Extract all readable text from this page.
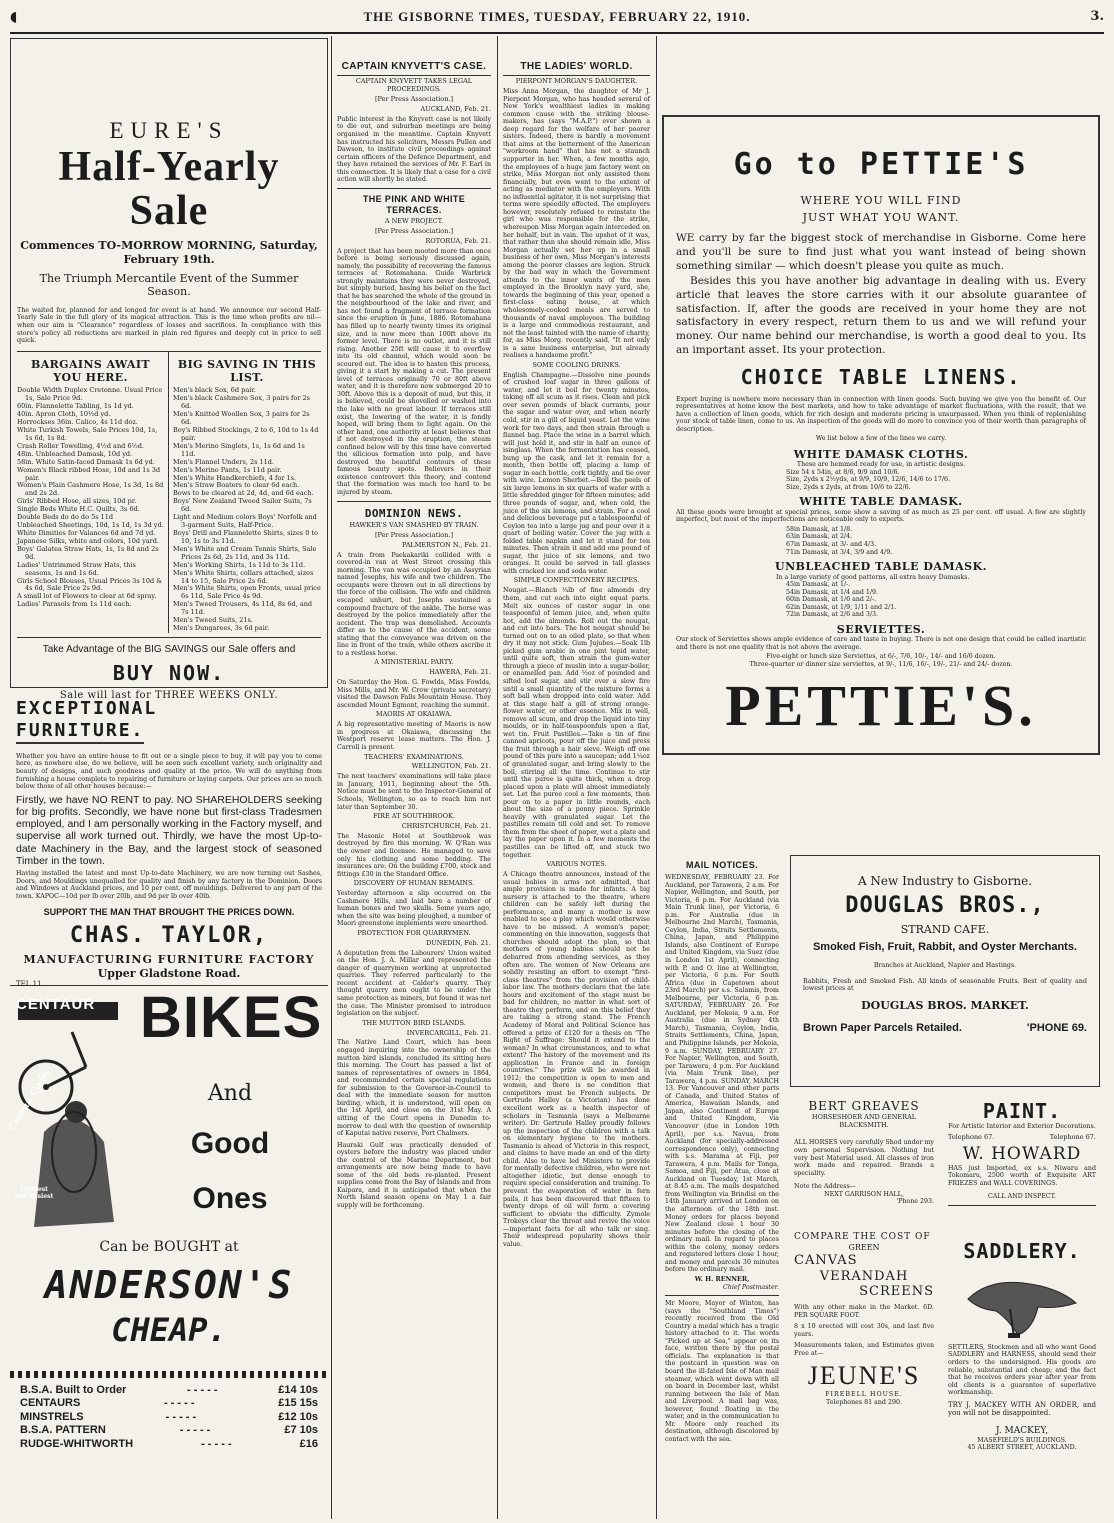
◖	THE GISBORNE TIMES, TUESDAY, FEBRUARY 22, 1910.	3.
EURE'S
Half-Yearly Sale
Commences TO-MORROW MORNING, Saturday, February 19th.
The Triumph Mercantile Event of the Summer Season.

The waited for, planned for and longed for event is at hand. We announce our second Half-Yearly Sale in the full glory of its magical attraction. This is the time when profits are nil—when our aim is "Clearance" regardless of losses and sacrifices. In compliance with this store's policy all reductions are marked in plain red figures and deeply cut in price to sell quick.

BARGAINS AWAIT YOU HERE.
Double Width Duplex Cretonne. Usual Price 1s, Sale Price 9d.
60in. Flannelette Tabling, 1s 1d yd.
40in. Apron Cloth, 10½d yd.
Horrockses 36in. Calico, 4s 11d doz.
White Turkish Towels, Sale Prices 10d, 1s, 1s 6d, 1s 8d.
Crash Roller Towelling, 4½d and 6½d.
48in. Unbleached Damask, 10d yd.
58in. White Satin-faced Damask 1s 6d yd.
Women's Black ribbed Hose, 10d and 1s 3d pair.
Women's Plain Cashmere Hose, 1s 3d, 1s 8d and 2s 2d.
Girls' Ribbed Hose, all sizes, 10d pr.
Single Beds White H.C. Quilts, 3s 6d.
Double Beds do do do 5s 11d
Unbleached Sheetings, 10d, 1s 1d, 1s 3d yd.
White Dimities for Valances 6d and 7d yd.
Japanese Silks, white and colors, 10d yard.
Boys' Galatea Straw Hats, 1s, 1s 8d and 2s 9d.
Ladies' Untrimmed Straw Hats, this seasons, 1s and 1s 6d.
Girls School Blouses, Usual Prices 3s 10d & 4s 6d, Sale Price 2s 9d.
A small lot of Flowers to clear at 6d spray.
Ladies' Parasols from 1s 11d each.
BIG SAVING IN THIS LIST.
Men's black Sox, 6d pair.
Men's black Cashmere Sox, 3 pairs for 2s 6d.
Men's Knitted Woollen Sox, 3 pairs for 2s 6d.
Boy's Ribbed Stockings, 2 to 6, 10d to 1s 4d pair.
Men's Merino Singlets, 1s, 1s 6d and 1s 11d.
Men's Flannel Unders, 2s 11d.
Men's Merino Pants, 1s 11d pair.
Men's White Handkerchiefs, 4 for 1s.
Men's Straw Boaters to clear 6d each.
Bows to be cleared at 2d, 4d, and 6d each.
Boys' New Zealand Tweed Sailor Suits, 7s 6d.
Light and Medium colors Boys' Norfolk and 3-garment Suits, Half-Price.
Boys' Drill and Flannelette Shirts, sizes 0 to 10, 1s to 3s 11d.
Men's White and Cream Tennis Shirts, Sale Prices 2s 6d, 2s 11d, and 3s 11d.
Men's Working Shirts, 1s 11d to 3s 11d.
Men's White Shirts, collars attached, sizes 14 to 15, Sale Price 2s 6d.
Men's White Shirts, open Fronts, usual price 6s 11d, Sale Price 4s 9d.
Men's Tweed Trousers, 4s 11d, 8s 6d, and 7s 11d.
Men's Tweed Suits, 21s.
Men's Dungarees, 3s 6d pair.
Take Advantage of the BIG SAVINGS our Sale offers and
BUY NOW.
Sale will last for THREE WEEKS ONLY.
EXCEPTIONAL
FURNITURE.

Whether you have an entire house to fit out or a single piece to buy, it will pay you to come here, as nowhere else, do we believe, will be seen such excellent variety, such originality and beauty of designs, and such goodness and quality at the price. We will do anything from furnishing a house complete to repairing of furniture or laying carpets. Our prices are so much below those of all other houses because:—

Firstly, we have NO RENT to pay. NO SHAREHOLDERS seeking for big profits. Secondly, we have none but first-class Tradesmen employed, and I am personally working in the Factory myself, and supervise all work turned out. Thirdly, we have the most Up-to-date Machinery in the Bay, and the largest stock of seasoned Timber in the town.

Having installed the latest and most Up-to-date Machinery, we are now turning out Sashes, Doors, and Mouldings unequalled for quality and finish by any factory in the Dominion. Doors and Windows at Auckland prices, and 10 per cent. off mouldings. Delivered to any part of the town. KAPOC—10d per lb over 20lb, and 9d per lb over 40lb.

SUPPORT THE MAN THAT BROUGHT THE PRICES DOWN.
CHAS. TAYLOR,
MANUFACTURING FURNITURE FACTORY
Upper Gladstone Road.
TEL 11.
CENTAUR
Centaur Cycles
Lightest and Easiest
BIKES
And
Good
Ones
Can be BOUGHT at
ANDERSON'S
CHEAP.
B.S.A. Built to Order	- - - - -	£14 10s
CENTAURS	- - - - -	£15 15s
MINSTRELS	- - - - -	£12 10s
B.S.A. PATTERN	- - - - -	£7 10s
RUDGE-WHITWORTH	- - - - -	£16
CAPTAIN KNYVETT'S CASE.
CAPTAIN KNYVETT TAKES LEGAL PROCEEDINGS.
[Per Press Association.]
AUCKLAND, Feb. 21.

Public interest in the Knyvett case is not likely to die out, and suburban meetings are being organised in the meantime. Captain Knyvett has instructed his solicitors, Messrs Pullen and Dawson, to institute civil proceedings against certain officers of the Defence Department, and they have retained the services of Mr. F. Earl in this connection. It is likely that a case for a civil action will shortly be stated.

THE PINK AND WHITE TERRACES.
A NEW PROJECT.
[Per Press Association.]
ROTORUA, Feb. 21.

A project that has been mooted more than once before is being seriously discussed again, namely, the possibility of recovering the famous terraces at Rotomahana. Guide Warbrick strongly maintains they were never destroyed, but simply buried, basing his belief on the fact that he has searched the whole of the ground in the neighbourhood of the lake and river, and has not found a fragment of terrace formation since the eruption in June, 1886. Rotomahana has filled up to nearly twenty times its original size, and is now more than 100ft above its former level. There is no outlet, and it is still rising. Another 25ft will cause it to overflow into its old channel, which would soon be scoured out. The idea is to hasten this process, giving it a start by making a cut. The present level of terraces originally 70 or 80ft above water, and it is therefore now submerged 20 to 30ft. Above this is a deposit of mud, but this, it is believed, could be shovelled or washed into the lake with no great labour. If terraces still exist, the lowering of the water, it is fondly hoped, will bring them to light again. On the other hand, one authority at least believes that if not destroyed in the eruption, the steam confined below will by this time have converted the silicious formation into pulp, and have destroyed the beautiful contours of these famous beauty spots. Believers in their existence controvert this theory, and contend that the formation was much too hard to be injured by steam.

DOMINION NEWS.
HAWKER'S VAN SMASHED BY TRAIN.
[Per Press Association.]
PALMERSTON N., Feb. 21.

A train from Paekakariki collided with a covered-in van at West Street crossing this morning. The van was occupied by an Assyrian named Josephs, his wife and two children. The occupants were thrown out in all directions by the force of the collision. The wife and children escaped unhurt, but Josephs sustained a compound fracture of the ankle. The horse was destroyed by the police immediately after the accident. The trap was demolished. Accounts differ as to the cause of the accident, some stating that the conveyance was driven on the line in front of the train, while others ascribe it to a restless horse.

A MINISTERIAL PARTY.
HAWERA, Feb. 21.

On Saturday the Hon. G. Fowlds, Miss Fowlds, Miss Mills, and Mr. W. Crow (private secretary) visited the Dawson Falls Mountain House. They ascended Mount Egmont, reaching the summit.

MAORIS AT OKAIAWA.

A big representative meeting of Maoris is now in progress at Okaiawa, discussing the Westport reserve lease matters. The Hon. J. Carroll is present.

TEACHERS' EXAMINATIONS.
WELLINGTON, Feb. 21.

The next teachers' examinations will take place in January, 1911, beginning about the 5th. Notice must be sent to the Inspector-General of Schools, Wellington, so as to reach him not later than September 30.

FIRE AT SOUTHBROOK.
CHRISTCHURCH, Feb. 21.

The Masonic Hotel at Southbrook was destroyed by fire this morning. W. Q'Ran was the owner and licensee. He managed to save only his clothing and some bedding. The insurances are: On the building £700, stock and fittings £30 in the Standard Office.

DISCOVERY OF HUMAN REMAINS.

Yesterday afternoon a slip occurred on the Cashmere Hills, and laid bare a number of human bones and two skulls. Some years ago, when the site was being ploughed, a number of Maori greenstone implements were unearthed.

PROTECTION FOR QUARRYMEN.
DUNEDIN, Feb. 21.

A deputation from the Labourers' Union waited on the Hon. J. A. Millar and represented the danger of quarrymen working at unprotected quarries. They referred particularly to the recent accident at Calder's quarry. They thought quarry men ought to be under the same protection as miners, but found it was not the case. The Minister promised to introduce legislation on the subject.

THE MUTTON BIRD ISLANDS.
INVERCARGILL, Feb. 21.

The Native Land Court, which has been engaged inquiring into the ownership of the mutton bird islands, concluded its sitting here this morning. The Court has passed a list of names of representatives of owners in 1864, and recommended certain special regulations for submission to the Governor-in-Council to deal with the immediate season for mutton birding, which, it is understood, will open on the 1st April, and close on the 31st May. A sitting of the Court opens in Dunedin to-morrow to deal with the question of ownership of Kaputai native reserve, Port Chalmers.

Hauraki Gulf was practically denuded of oysters before the industry was placed under the control of the Marine Department, but arrangements are now being made to have some of the old beds re-planted. Present supplies come from the Bay of Islands and from Kaipara, and it is anticipated that when the North Island season opens on May 1 a fair supply will be forthcoming.

THE LADIES' WORLD.
PIERPONT MORGAN'S DAUGHTER.

Miss Anna Morgan, the daughter of Mr J. Pierpont Morgan, who has headed several of New York's wealthiest ladies in making common cause with the striking blouse-makers, has (says "M.A.P.") ever shown a deep regard for the welfare of her poorer sisters. Indeed, there is hardly a movement that aims at the betterment of the American "workroom hand" that has not a staunch supporter in her. When, a few months ago, the employees of a huge jam factory went on strike, Miss Morgan not only assisted them financially, but even went to the extent of acting as mediator with the employers. With no influential agitator, it is not surprising that terms were speedily effected. The employers however, resolutely refused to reinstate the girl who was responsible for the strike, whereupon Miss Morgan again interceded on her behalf, but in vain. The upshot of it was, that rather than she should remain idle, Miss Morgan actually set her up in a small business of her own. Miss Morgan's interests among the poorer classes are legion. Struck by the bad way in which the Government attends to the inner wants of the men employed in the Brooklyn navy yard, she, towards the beginning of this year, opened a first-class eating house, at which wholesomely-cooked meals are served to thousands of naval employees. The building is a large and commodious restaurant, and not the least tainted with the name of charity, for, as Miss Morg. recently said, "It not only is a sane business enterprise, but already realises a handsome profit."

SOME COOLING DRINKS.

English Champagne.—Dissolve nine pounds of crushed loaf sugar in three gallons of water, and let it boil for twenty minutes, taking off all scum as it rises. Clean and pick over seven pounds of black currants, pour the sugar and water over, and when nearly cold, stir in a gill of liquid yeast. Let the wine work for two days, and then strain through a flannel bag. Place the wine in a barrel which will just hold it, and stir in half an ounce of isinglass. When the fermentation has ceased, bung up the cask, and let it remain for a month, then bottle off, placing a lump of sugar in each bottle, cork tightly, and tie over with wire. Lemon Sherbet.—Boil the peels of six large lemons in six quarts of water with a little shredded ginger for fifteen minutes; add three pounds of sugar, and, when cold, the juice of the six lemons, and strain. For a cool and delicious beverage put a tablespoonful of Ceylon tea into a large jug and pour over it a quart of boiling water. Cover the jug with a folded table napkin and let it stand for ten minutes. Then strain it and add one pound of sugar, the juice of six lemons, and two oranges. It could be served in tall glasses with cracked ice and soda water.

SIMPLE CONFECTIONERY RECIPES.

Nougat.—Blanch ¼lb of fine almonds dry them, and cut each into eight equal parts. Melt six ounces of castor sugar in one teaspoonful of lemon juice, and, when quite hot, add the almonds. Roll out the nougat, and cut into bars. The hot nougat should be turned out on to an oiled plate, so that when dry it may not stick. Gum Jujubes.—Soak 1lb picked gum arabic in one pint tepid water, until quite soft, then strain the gum-water through a piece of muslin into a sugar-boiler, or enamelled pan. Add ½oz of pounded and sifted loaf sugar, and stir over a slow fire until a small quantity of the mixture forms a soft ball when dropped into cold water. Add at this stage half a gill of strong orange-flower water, or other essence. Mix in well, remove all scum, and drop the liquid into tiny moulds, or in half-teaspoonfuls upon a flat, wet tin. Fruit Pastilles.—Take a tin of fine canned apricots, pour off the juice and press the fruit through a hair sieve. Weigh off one pound of this pure into a saucepan; add 1¼oz of granulated sugar, and bring slowly to the boil, stirring all the time. Continue to stir until the puree is quite thick, when a drop placed upon a plate will almost immediately set. Let the puree cool a few moments, then pour on to a paper in little rounds, each about the size of a penny piece. Sprinkle heavily with granulated sugar. Let the pastilles remain till cold and set. To remove them from the sheet of paper, wet a plate and lay the paper upon it. In a few moments the pastilles can be lifted off, and stuck two together.

VARIOUS NOTES.

A Chicago theatre announces, instead of the usual babies in arms not admitted, that ample provision is made for infants. A big nursery is attached to the theatre, where children can be safely left during the performance, and many a mother is now enabled to see a play which would otherwise have to be missed. A woman's paper, commenting on this innovation, suggests that churches should adopt the plan, so that mothers of young babies should not be debarred from attending services, as they often are. The women of New Orleans are solidly resisting an effort to exempt "first-class theatres" from the provision of child-labor law. The mothers declare that the late hours and excitement of the stage must be bad for children, no matter in what sort of theatre they perform, and on this belief they are taking a strong stand. The French Academy of Moral and Political Science has offered a prize of £120 for a thesis on "The Right of Suffrage: Should it extend to the woman? In what circumstances, and to what extent? The history of the movement and its application in France and in foreign countries." The prize will be awarded in 1912; the competition is open to men and women, and there is no condition that competitors must be French subjects. Dr Gertrude Halley (a Victorian) has done excellent work as a health inspector of scholars in Tasmania (says a Melbourne writer). Dr. Gertrude Halley proudly follows up the inspection of the children with a talk on elementary hygiene to the mothers. Tasmania is ahead of Victoria in this respect, and claims to have made an end of the dirty child. Also to have led Ministers to provide for mentally defective children, who were not altogether idiotic, but dense enough to require special consideration and training. To prevent the evaporation of water in fern pails, it has been discovered that fifteen to twenty drops of oil will form a covering sufficient to obviate the difficulty. Zymole Trokeys clear the throat and revive the voice—important facts for all who talk or sing. Their widespread popularity shows their value.

Go to PETTIE'S
WHERE YOU WILL FIND
JUST WHAT YOU WANT.

WE carry by far the biggest stock of merchandise in Gisborne. Come here and you'll be sure to find just what you want instead of being shown something similar — which doesn't please you quite as much.

Besides this you have another big advantage in dealing with us. Every article that leaves the store carries with it our absolute guarantee of satisfaction. If, after the goods are received in your home they are not satisfactory in every respect, return them to us and we will refund your money. Our name behind our merchandise, is worth a good deal to you. Its an important asset. Its your protection.

CHOICE TABLE LINENS.

Expert buying is nowhere more necessary than in connection with linen goods. Such buying we give you the benefit of. Our representatives at home know the best markets, and how to take advantage of market fluctuations, with the result, that we have a collection of linen goods, which for rich design and moderate pricing is unsurpassed. When you think of replenishing your stock of table linen, come to us. An inspection of the goods will do more to convince you of their worth than paragraphs of description.

We list below a few of the lines we carry.
WHITE DAMASK CLOTHS.
These are hemmed ready for use, in artistic designs.
Size 54 x 54in, at 8/6, 9/9 and 10/6.
Size, 2yds x 2½yds, at 9/9, 10/9, 12/6, 14/6 to 17/6.
Size, 2yds x 2yds, at from 10/6 to 22/6.
WHITE TABLE DAMASK.

All these goods were brought at special prices, some show a saving of as much as 25 per cent. off usual. A few are slightly imperfect, but most of the imperfections are noticeable only to experts.

58in Damask, at 1/8.
63in Damask, at 2/4.
67in Damask, at 3/- and 4/3.
71in Damask, at 3/4, 3/9 and 4/9.
UNBLEACHED TABLE DAMASK.
In a large variety of good patterns, all extra heavy Damasks.
45in Damask, at 1/-.
54in Damask, at 1/4 and 1/9.
60in Damask, at 1/6 and 2/-.
62in Damask, at 1/9, 1/11 and 2/1.
72in Damask, at 2/6 and 3/3.
SERVIETTES.

Our stock of Serviettes shows ample evidence of care and taste in buying. There is not one design that could be called inartistic and there is not one quality that is not above the average.

Five-eight or lunch size Serviettes, at 6/-, 7/6, 10/-, 14/- and 16/6 dozen.
Three-quarter or dinner size serviettes, at 9/-, 11/6, 16/-, 19/-, 21/- and 24/- dozen.
PETTIE'S.
MAIL NOTICES.

WEDNESDAY, FEBRUARY 23. For Auckland, per Tarawera, 2 a.m. For Napier, Wellington, and South, per Victoria, 6 p.m. For Auckland (via Main Trunk line), per Victoria, 6 p.m. For Australia (due in Melbourne 2nd March), Tasmania, Ceylon, India, Straits Settlements, China, Japan, and Philippine Islands, also Continent of Europe and United Kingdom, via Suez (due in London 1st April), connecting with P. and O. line at Wellington, per Victoria, 6 p.m. For South Africa (due in Capetown about 23rd March) per s.s. Salamis, from Melbourne, per Victoria, 6 p.m. SATURDAY, FEBRUARY 26. For Auckland, per Mokoia, 9 a.m. For Australia (due in Sydney 4th March), Tasmania, Ceylon, India, Straits Settlements, China, Japan, and Philippine Islands, per Mokoia, 9 a.m. SUNDAY, FEBRUARY 27. For Napier, Wellington, and South, per Tarawera, 4 p.m. For Auckland (via Main Trunk line), per Tarawera, 4 p.m. SUNDAY, MARCH 13. For Vancouver and other parts of Canada, and United States of America, Hawaiian Islands, and Japan, also Continent of Europe and United Kingdom, via Vancouver (due in London 19th April), per s.s. Navua, from Auckland (for specially-addressed correspondence only), connecting with s.s. Marama at Fiji, per Tarawera, 4 p.m. Mails for Tonga, Samoa, and Fiji, per Atua, close at Auckland on Tuesday, 1st March, at 8.45 a.m. The mails despatched from Wellington via Brindisi on the 14th January arrived at London on the afternoon of the 18th inst. Money orders for places beyond New Zealand close 1 hour 30 minutes before the closing of the ordinary mail. In regard to places within the colony, money orders and registered letters close 1 hour, and money and parcels 30 minutes before the ordinary mail.

W. H. RENNER,
Chief Postmaster.

Mr Moore, Mayor of Winton, has (says the "Southland Times") recently received from the Old Country a medal which has a tragic history attached to it. The words "Picked up at Sea," appear on its face, written there by the postal officials. The explanation is that the postcard in question was on board the ill-fated Isle of Man mail steamer, which went down with all on board in December last, whilst running between the Isle of Man and Liverpool. A mail bag was, however, found floating in the water, and in the communication to Mr. Moore only reached its destination, although discolored by contact with the sea.

A New Industry to Gisborne.
DOUGLAS BROS.,
STRAND CAFE.
Smoked Fish, Fruit, Rabbit, and Oyster Merchants.
Branches at Auckland, Napier and Hastings.

Rabbits, Fresh and Smoked Fish. All kinds of seasonable Fruits. Best of quality and lowest prices at

DOUGLAS BROS. MARKET.
Brown Paper Parcels Retailed.	'PHONE 69.
BERT GREAVES
HORSESHOER AND GENERAL BLACKSMITH.

ALL HORSES very carefully Shod under my own personal Supervision. Nothing but very best Material used. All classes of iron work made and repaired. Brands a speciality.

Note the Address—
NEXT GARRISON HALL,
'Phone 293.
PAINT.
For Artistic Interior and Exterior Decorations.
Telephone 67.	Telephone 67.
W. HOWARD

HAS just Imported, ex s.s. Niwaru and Tokomaru, 2500 worth of Exquisite ART FRIEZES and WALL COVERINGS.

CALL AND INSPECT.
COMPARE THE COST OF
GREEN
CANVAS
VERANDAH
SCREENS

With any other make in the Market. 6D. PER SQUARE FOOT.

8 x 10 erected will cost 30s, and last five years.

Measurements taken, and Estimates given Free at—

JEUNE'S
FIREBELL HOUSE.
Telephones 81 and 290.
SADDLERY.

SETTLERS, Stockmen and all who want Good SADDLERY and HARNESS, should send their orders to the undersigned. His goods are reliable, substantial and cheap; and the fact that he receives orders year after year from old clients is a guarantee of superlative workmanship.

TRY J. MACKEY WITH AN ORDER, and you will not be disappointed.

J. MACKEY,
MASEFIELD'S BUILDINGS.
45 ALBERT STREET, AUCKLAND.
